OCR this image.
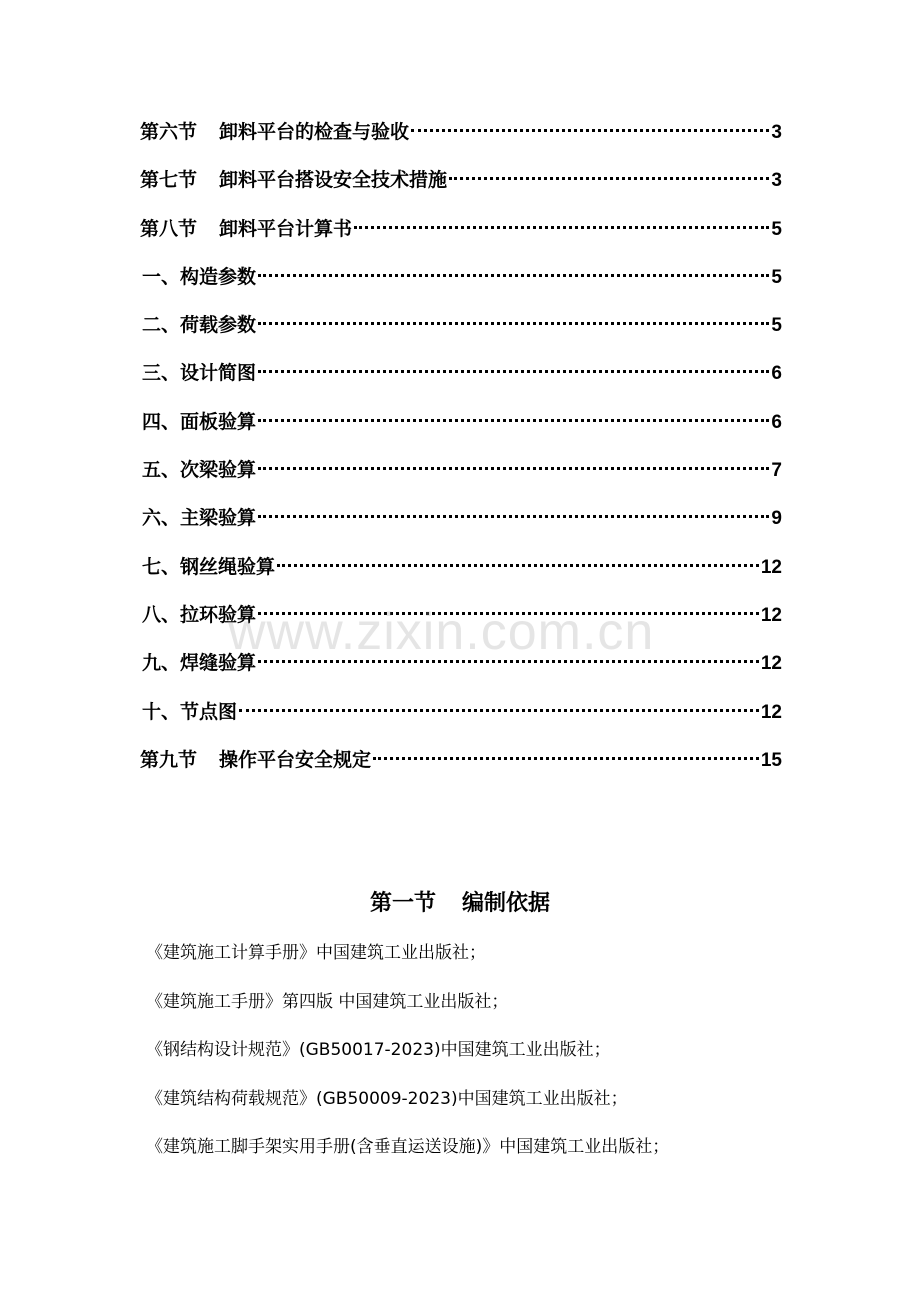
第六节 卸料平台的检查与验收	3
第七节 卸料平台搭设安全技术措施	3
第八节 卸料平台计算书	5
一、构造参数	5
二、荷载参数	5
三、设计简图	6
四、面板验算	6
五、次梁验算	7
六、主梁验算	9
七、钢丝绳验算	12
八、拉环验算	12
九、焊缝验算	12
十、节点图	12
第九节 操作平台安全规定	15
www.zixin.com.cn
第一节 编制依据
《建筑施工计算手册》中国建筑工业出版社；
《建筑施工手册》第四版 中国建筑工业出版社；
《钢结构设计规范》(GB50017-2023)中国建筑工业出版社；
《建筑结构荷载规范》(GB50009-2023)中国建筑工业出版社；
《建筑施工脚手架实用手册(含垂直运送设施)》中国建筑工业出版社；
